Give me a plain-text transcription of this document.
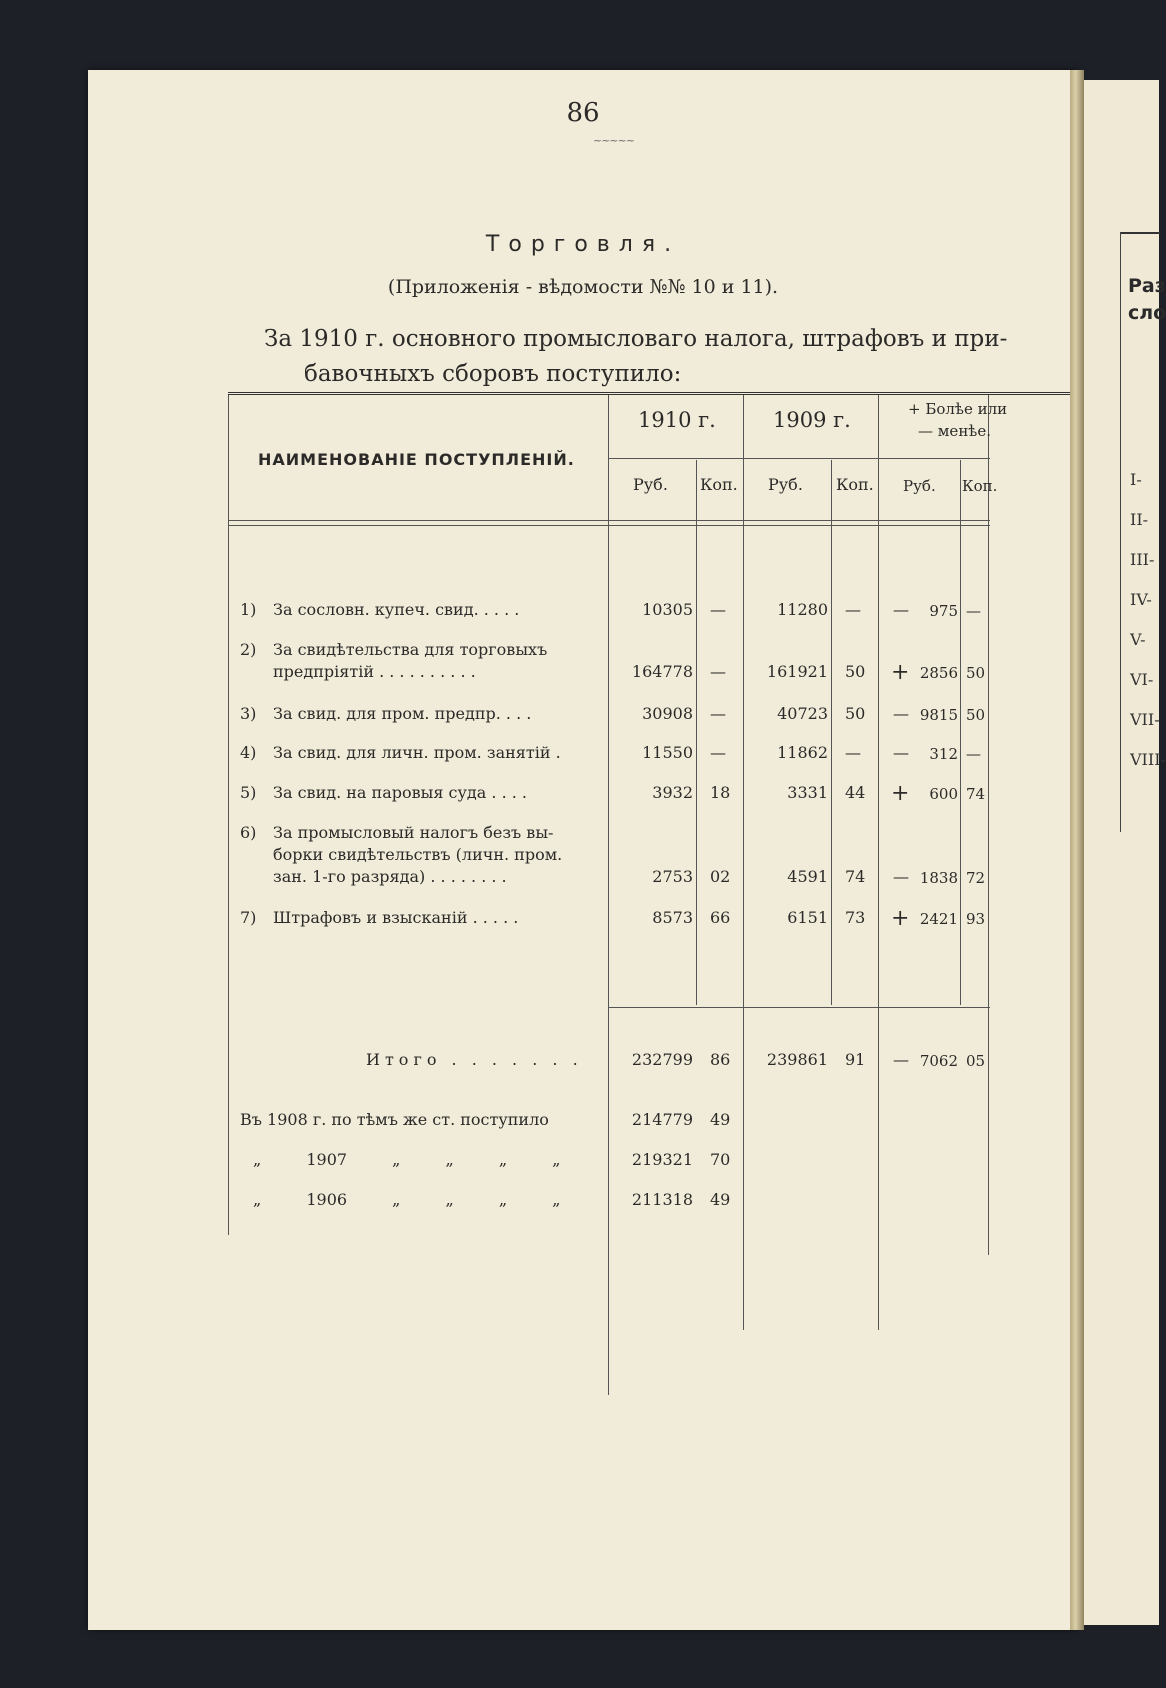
86
~~~~~
Торговля.
(Приложенія - вѣдомости №№ 10 и 11).
За 1910 г. основного промысловаго налога, штрафовъ и при-
бавочныхъ сборовъ поступило:
НАИМЕНОВАНІЕ ПОСТУПЛЕНІЙ.
1910 г.	1909 г.	+ Болѣе или
— менѣе.
Руб. Коп. Руб. Коп. Руб. Коп.
1) За сословн. купеч. свид. . . . .	10305 —	11280 — —	975 —
2) За свидѣтельства для торговыхъ
предпріятій . . . . . . . . . .	164778 —	161921 50 + 2856 50
3) За свид. для пром. предпр. . . .	30908 —	40723 50 — 9815 50
4) За свид. для личн. пром. занятій .	11550 —	11862 — —	312 —
5) За свид. на паровыя суда . . . .	3932 18	3331 44 +	600 74
6) За промысловый налогъ безъ вы-
борки свидѣтельствъ (личн. пром.
зан. 1-го разряда) . . . . . . . .	2753 02	4591 74 — 1838 72
7) Штрафовъ и взысканій . . . . .	8573 66	6151 73 + 2421 93
Итого . . . . . . .	232799 86	239861 91 — 7062 05
Въ 1908 г. по тѣмъ же ст. поступило	214779 49
„ 1907 „ „ „ „	219321 70
„ 1906 „ „ „ „	211318 49
Раз
сло
I-
II-
III-
IV-
V-
VI-
VII-
VIII-
